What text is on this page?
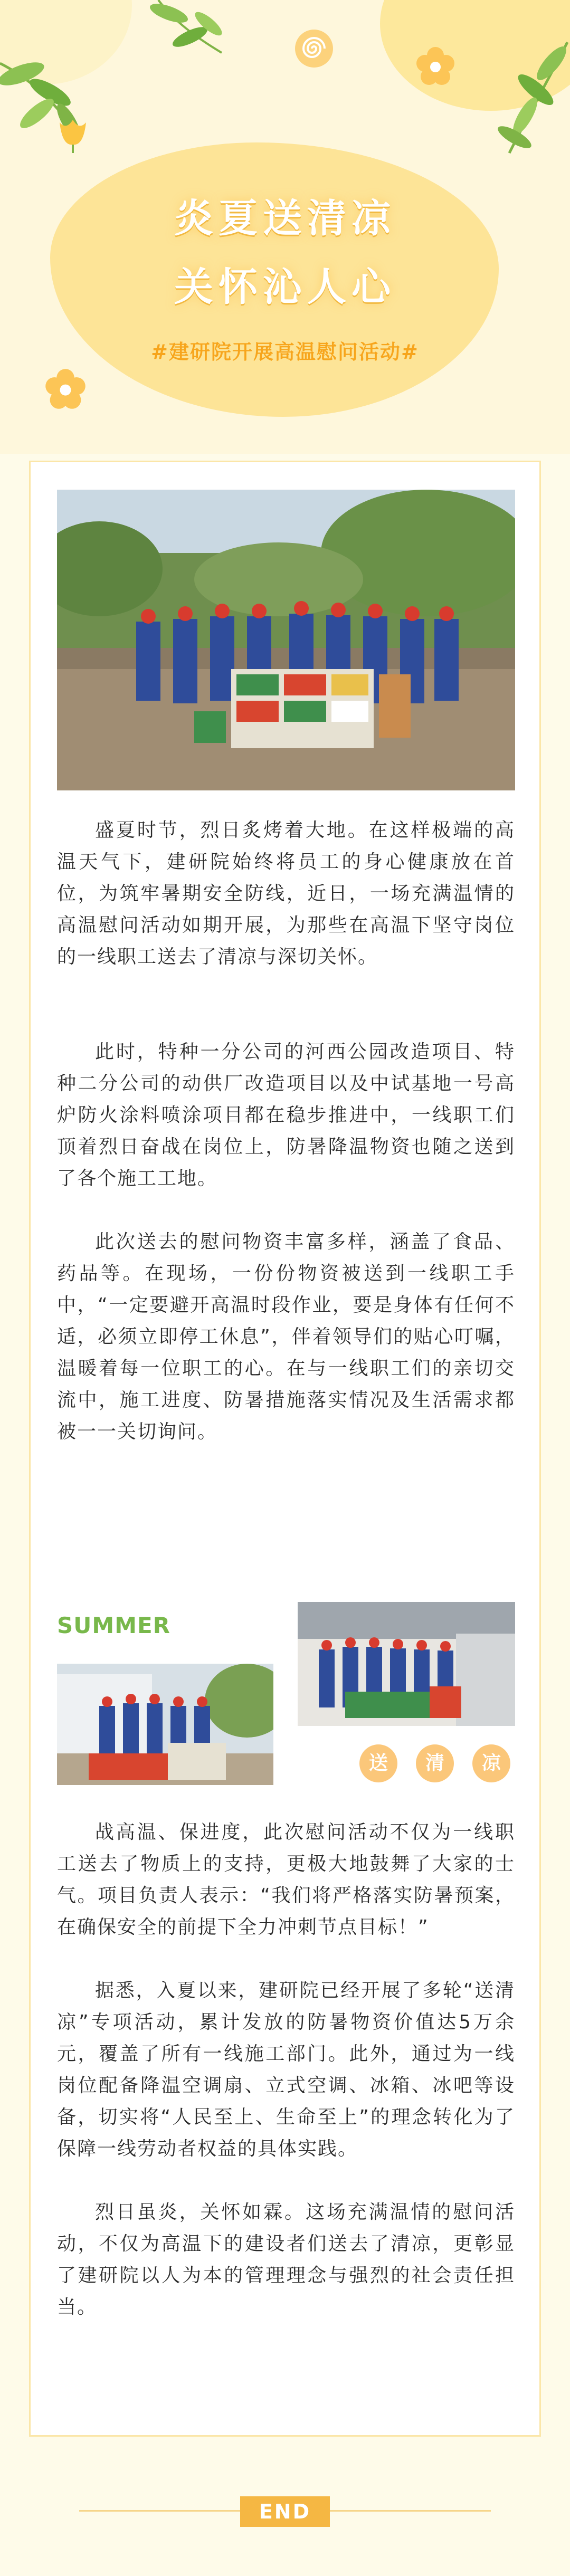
炎夏送清凉
关怀沁人心
#建研院开展高温慰问活动#

盛夏时节，烈日炙烤着大地。在这样极端的高温天气下，建研院始终将员工的身心健康放在首位，为筑牢暑期安全防线，近日，一场充满温情的高温慰问活动如期开展，为那些在高温下坚守岗位的一线职工送去了清凉与深切关怀。

此时，特种一分公司的河西公园改造项目、特种二分公司的动供厂改造项目以及中试基地一号高炉防火涂料喷涂项目都在稳步推进中，一线职工们顶着烈日奋战在岗位上，防暑降温物资也随之送到了各个施工工地。

此次送去的慰问物资丰富多样，涵盖了食品、药品等。在现场，一份份物资被送到一线职工手中，“一定要避开高温时段作业，要是身体有任何不适，必须立即停工休息”，伴着领导们的贴心叮嘱，温暖着每一位职工的心。在与一线职工们的亲切交流中，施工进度、防暑措施落实情况及生活需求都被一一关切询问。

SUMMER
送	清	凉

战高温、保进度，此次慰问活动不仅为一线职工送去了物质上的支持，更极大地鼓舞了大家的士气。项目负责人表示：“我们将严格落实防暑预案，在确保安全的前提下全力冲刺节点目标！”

据悉，入夏以来，建研院已经开展了多轮“送清凉”专项活动，累计发放的防暑物资价值达5万余元，覆盖了所有一线施工部门。此外，通过为一线岗位配备降温空调扇、立式空调、冰箱、冰吧等设备，切实将“人民至上、生命至上”的理念转化为了保障一线劳动者权益的具体实践。

烈日虽炎，关怀如霖。这场充满温情的慰问活动，不仅为高温下的建设者们送去了清凉，更彰显了建研院以人为本的管理理念与强烈的社会责任担当。

END
